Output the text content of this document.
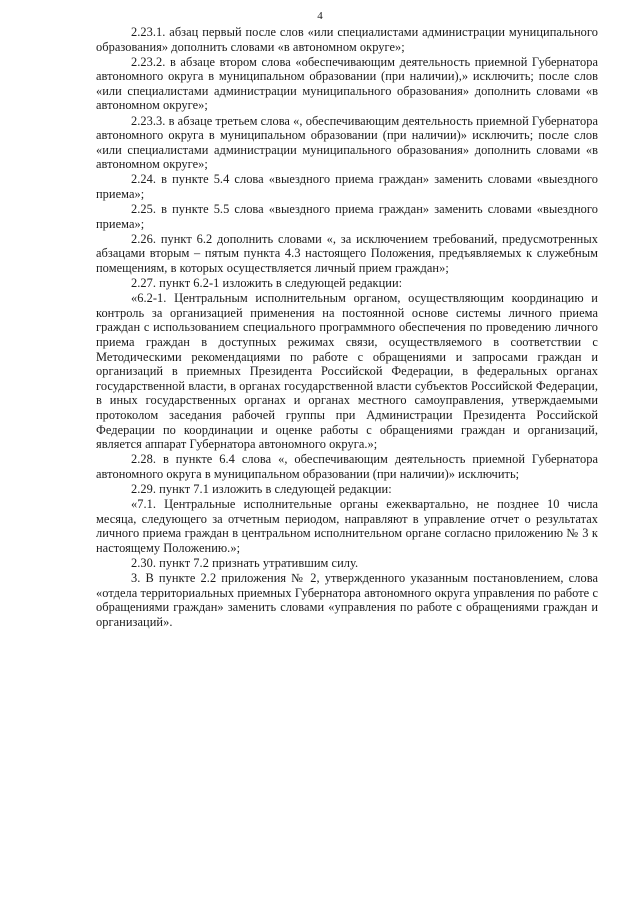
4

2.23.1. абзац первый после слов «или специалистами администрации муниципального образования» дополнить словами «в автономном округе»;

2.23.2. в абзаце втором слова «обеспечивающим деятельность приемной Губернатора автономного округа в муниципальном образовании (при наличии),» исключить; после слов «или специалистами администрации муниципального образования» дополнить словами «в автономном округе»;

2.23.3. в абзаце третьем слова «, обеспечивающим деятельность приемной Губернатора автономного округа в муниципальном образовании (при наличии)» исключить; после слов «или специалистами администрации муниципального образования» дополнить словами «в автономном округе»;

2.24. в пункте 5.4 слова «выездного приема граждан» заменить словами «выездного приема»;

2.25. в пункте 5.5 слова «выездного приема граждан» заменить словами «выездного приема»;

2.26. пункт 6.2 дополнить словами «, за исключением требований, предусмотренных абзацами вторым – пятым пункта 4.3 настоящего Положения, предъявляемых к служебным помещениям, в которых осуществляется личный прием граждан»;

2.27. пункт 6.2-1 изложить в следующей редакции:

«6.2-1. Центральным исполнительным органом, осуществляющим координацию и контроль за организацией применения на постоянной основе системы личного приема граждан с использованием специального программного обеспечения по проведению личного приема граждан в доступных режимах связи, осуществляемого в соответствии с Методическими рекомендациями по работе с обращениями и запросами граждан и организаций в приемных Президента Российской Федерации, в федеральных органах государственной власти, в органах государственной власти субъектов Российской Федерации, в иных государственных органах и органах местного самоуправления, утверждаемыми протоколом заседания рабочей группы при Администрации Президента Российской Федерации по координации и оценке работы с обращениями граждан и организаций, является аппарат Губернатора автономного округа.»;

2.28. в пункте 6.4 слова «, обеспечивающим деятельность приемной Губернатора автономного округа в муниципальном образовании (при наличии)» исключить;

2.29. пункт 7.1 изложить в следующей редакции:

«7.1. Центральные исполнительные органы ежеквартально, не позднее 10 числа месяца, следующего за отчетным периодом, направляют в управление отчет о результатах личного приема граждан в центральном исполнительном органе согласно приложению № 3 к настоящему Положению.»;

2.30. пункт 7.2 признать утратившим силу.

3. В пункте 2.2 приложения № 2, утвержденного указанным постановлением, слова «отдела территориальных приемных Губернатора автономного округа управления по работе с обращениями граждан» заменить словами «управления по работе с обращениями граждан и организаций».
